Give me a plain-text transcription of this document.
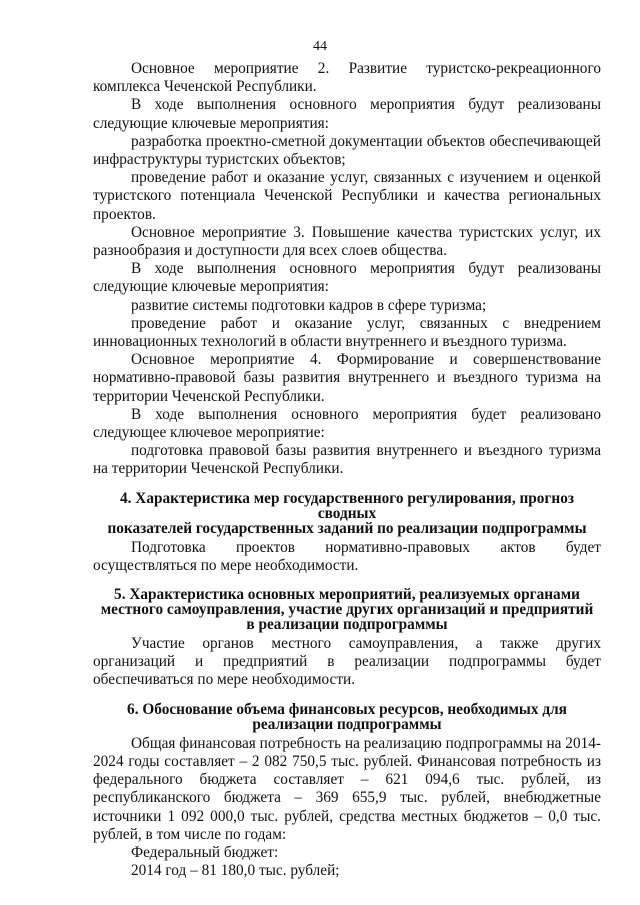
44

Основное мероприятие 2. Развитие туристско-рекреационного комплекса Чеченской Республики.

В ходе выполнения основного мероприятия будут реализованы следующие ключевые мероприятия:

разработка проектно-сметной документации объектов обеспечивающей инфраструктуры туристских объектов;

проведение работ и оказание услуг, связанных с изучением и оценкой туристского потенциала Чеченской Республики и качества региональных проектов.

Основное мероприятие 3. Повышение качества туристских услуг, их разнообразия и доступности для всех слоев общества.

В ходе выполнения основного мероприятия будут реализованы следующие ключевые мероприятия:

развитие системы подготовки кадров в сфере туризма;

проведение работ и оказание услуг, связанных с внедрением инновационных технологий в области внутреннего и въездного туризма.

Основное мероприятие 4. Формирование и совершенствование нормативно-правовой базы развития внутреннего и въездного туризма на территории Чеченской Республики.

В ходе выполнения основного мероприятия будет реализовано следующее ключевое мероприятие:

подготовка правовой базы развития внутреннего и въездного туризма на территории Чеченской Республики.

4. Характеристика мер государственного регулирования, прогноз сводных
показателей государственных заданий по реализации подпрограммы

Подготовка проектов нормативно-правовых актов будет осуществляться по мере необходимости.

5. Характеристика основных мероприятий, реализуемых органами
местного самоуправления, участие других организаций и предприятий
в реализации подпрограммы

Участие органов местного самоуправления, а также других организаций и предприятий в реализации подпрограммы будет обеспечиваться по мере необходимости.

6. Обоснование объема финансовых ресурсов, необходимых для
реализации подпрограммы

Общая финансовая потребность на реализацию подпрограммы на 2014-2024 годы составляет – 2 082 750,5 тыс. рублей. Финансовая потребность из федерального бюджета составляет – 621 094,6 тыс. рублей, из республиканского бюджета – 369 655,9 тыс. рублей, внебюджетные источники 1 092 000,0 тыс. рублей, средства местных бюджетов – 0,0 тыс. рублей, в том числе по годам:

Федеральный бюджет:

2014 год – 81 180,0 тыс. рублей;
